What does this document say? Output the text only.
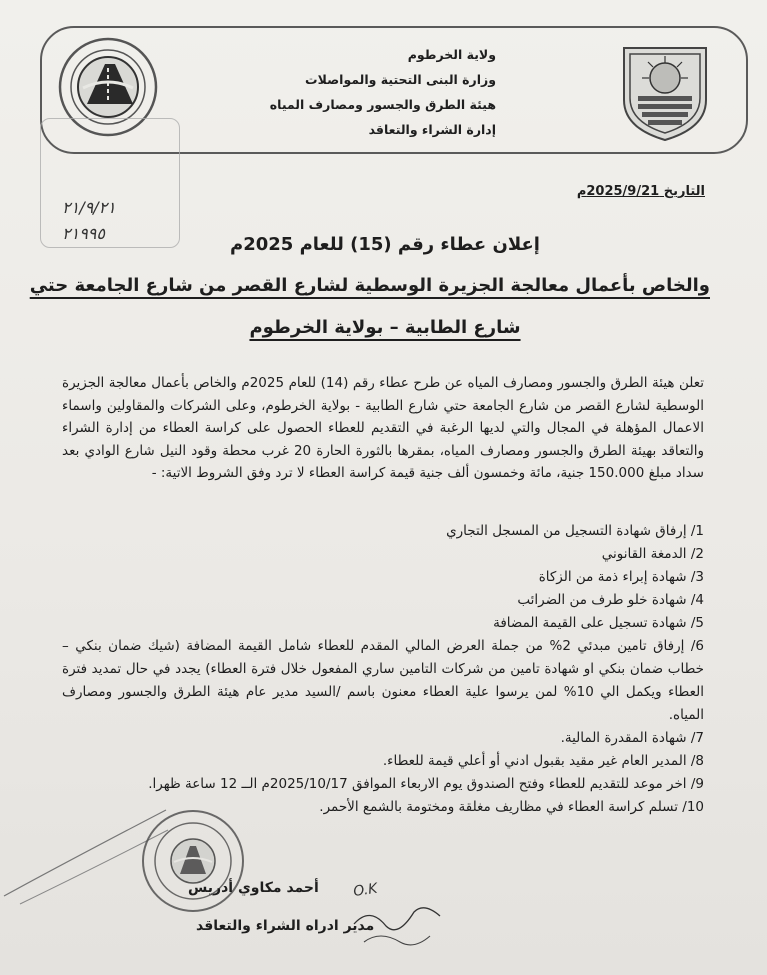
ولاية الخرطوم
وزارة البنى التحتية والمواصلات
هيئة الطرق والجسور ومصارف المياه
إدارة الشراء والتعاقد
٢١/٩/٢١
٢١٩٩٥
التاريخ 2025/9/21م
إعلان عطاء رقم (15) للعام 2025م
والخاص بأعمال معالجة الجزيرة الوسطية لشارع القصر من شارع الجامعة حتي
شارع الطابية – بولاية الخرطوم

تعلن هيئة الطرق والجسور ومصارف المياه عن طرح عطاء رقم (14) للعام 2025م والخاص بأعمال معالجة الجزيرة الوسطية لشارع القصر من شارع الجامعة حتي شارع الطابية - بولاية الخرطوم، وعلى الشركات والمقاولين واسماء الاعمال المؤهلة في المجال والتي لديها الرغبة في التقديم للعطاء الحصول على كراسة العطاء من إدارة الشراء والتعاقد بهيئة الطرق والجسور ومصارف المياه، بمقرها بالثورة الحارة 20 غرب محطة وقود النيل شارع الوادي بعد سداد مبلغ 150.000 جنية، مائة وخمسون ألف جنية قيمة كراسة العطاء لا ترد وفق الشروط الاتية: -

1/ إرفاق شهادة التسجيل من المسجل التجاري
2/ الدمغة القانوني
3/ شهادة إبراء ذمة من الزكاة
4/ شهادة خلو طرف من الضرائب
5/ شهادة تسجيل على القيمة المضافة
6/ إرفاق تامين مبدئي 2% من جملة العرض المالي المقدم للعطاء شامل القيمة المضافة (شيك ضمان بنكي – خطاب ضمان بنكي او شهادة تامين من شركات التامين ساري المفعول خلال فترة العطاء) يجدد في حال تمديد فترة العطاء ويكمل الي 10% لمن يرسوا علية العطاء معنون باسم /السيد مدير عام هيئة الطرق والجسور ومصارف المياه.
7/ شهادة المقدرة المالية.
8/ المدير العام غير مقيد بقبول ادني أو أعلي قيمة للعطاء.
9/ اخر موعد للتقديم للعطاء وفتح الصندوق يوم الاربعاء الموافق 2025/10/17م الــ 12 ساعة ظهرا.
10/ تسلم كراسة العطاء في مظاريف مغلقة ومختومة بالشمع الأحمر.
أحمد مكاوي أدريس
مدير ادراه الشراء والتعاقد
O.K
